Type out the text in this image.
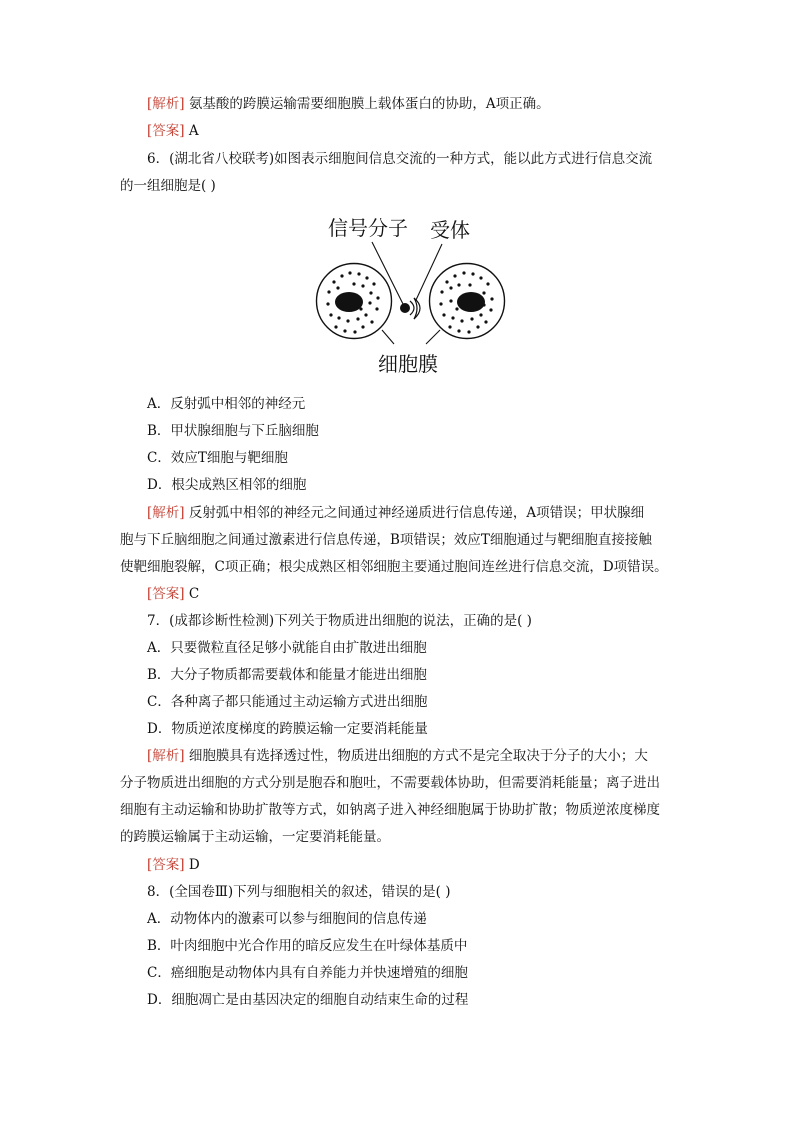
[解析] 氨基酸的跨膜运输需要细胞膜上载体蛋白的协助，A项正确。
[答案] A
6．(湖北省八校联考)如图表示细胞间信息交流的一种方式，能以此方式进行信息交流
的一组细胞是( )
信号分子 受体
细胞膜
A．反射弧中相邻的神经元
B．甲状腺细胞与下丘脑细胞
C．效应T细胞与靶细胞
D．根尖成熟区相邻的细胞
[解析] 反射弧中相邻的神经元之间通过神经递质进行信息传递，A项错误；甲状腺细
胞与下丘脑细胞之间通过激素进行信息传递，B项错误；效应T细胞通过与靶细胞直接接触
使靶细胞裂解，C项正确；根尖成熟区相邻细胞主要通过胞间连丝进行信息交流，D项错误。
[答案] C
7．(成都诊断性检测)下列关于物质进出细胞的说法，正确的是( )
A．只要微粒直径足够小就能自由扩散进出细胞
B．大分子物质都需要载体和能量才能进出细胞
C．各种离子都只能通过主动运输方式进出细胞
D．物质逆浓度梯度的跨膜运输一定要消耗能量
[解析] 细胞膜具有选择透过性，物质进出细胞的方式不是完全取决于分子的大小；大
分子物质进出细胞的方式分别是胞吞和胞吐，不需要载体协助，但需要消耗能量；离子进出
细胞有主动运输和协助扩散等方式，如钠离子进入神经细胞属于协助扩散；物质逆浓度梯度
的跨膜运输属于主动运输，一定要消耗能量。
[答案] D
8．(全国卷Ⅲ)下列与细胞相关的叙述，错误的是( )
A．动物体内的激素可以参与细胞间的信息传递
B．叶肉细胞中光合作用的暗反应发生在叶绿体基质中
C．癌细胞是动物体内具有自养能力并快速增殖的细胞
D．细胞凋亡是由基因决定的细胞自动结束生命的过程
